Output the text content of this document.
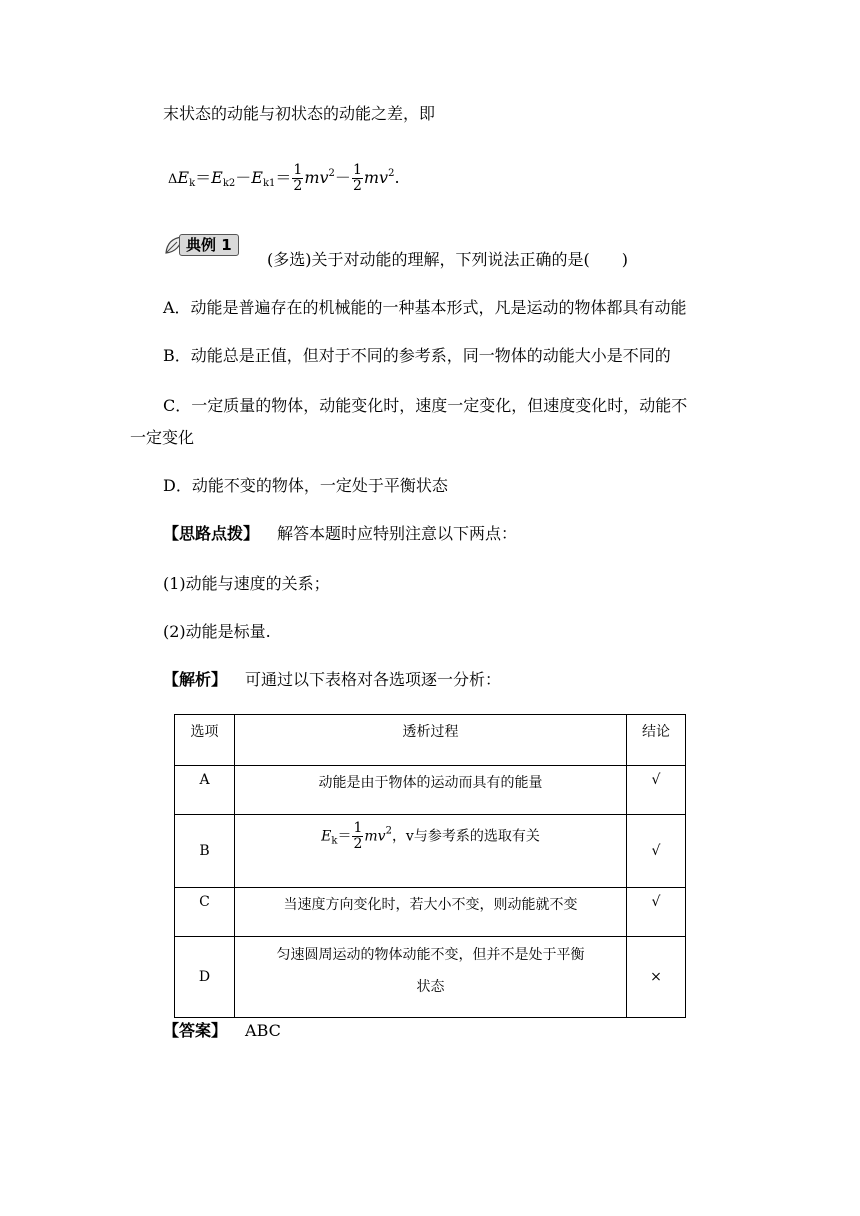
末状态的动能与初状态的动能之差，即
$\Delta E_k=E_{k2}-E_{k1}= \frac{1}{2} mv^2- \frac{1}{2} mv^2$.
典例 1
(多选)关于对动能的理解，下列说法正确的是(　　)
A．动能是普遍存在的机械能的一种基本形式，凡是运动的物体都具有动能
B．动能总是正值，但对于不同的参考系，同一物体的动能大小是不同的
C．一定质量的物体，动能变化时，速度一定变化，但速度变化时，动能不
一定变化
D．动能不变的物体，一定处于平衡状态
【思路点拨】 解答本题时应特别注意以下两点：
(1)动能与速度的关系；
(2)动能是标量.
【解析】 可通过以下表格对各选项逐一分析：
选项	透析过程	结论
A	动能是由于物体的运动而具有的能量	√
B	$E_k= \frac{1}{2} mv^2$，v与参考系的选取有关	√
C	当速度方向变化时，若大小不变，则动能就不变	√
D	匀速圆周运动的物体动能不变，但并不是处于平衡
状态	×
【答案】 ABC
